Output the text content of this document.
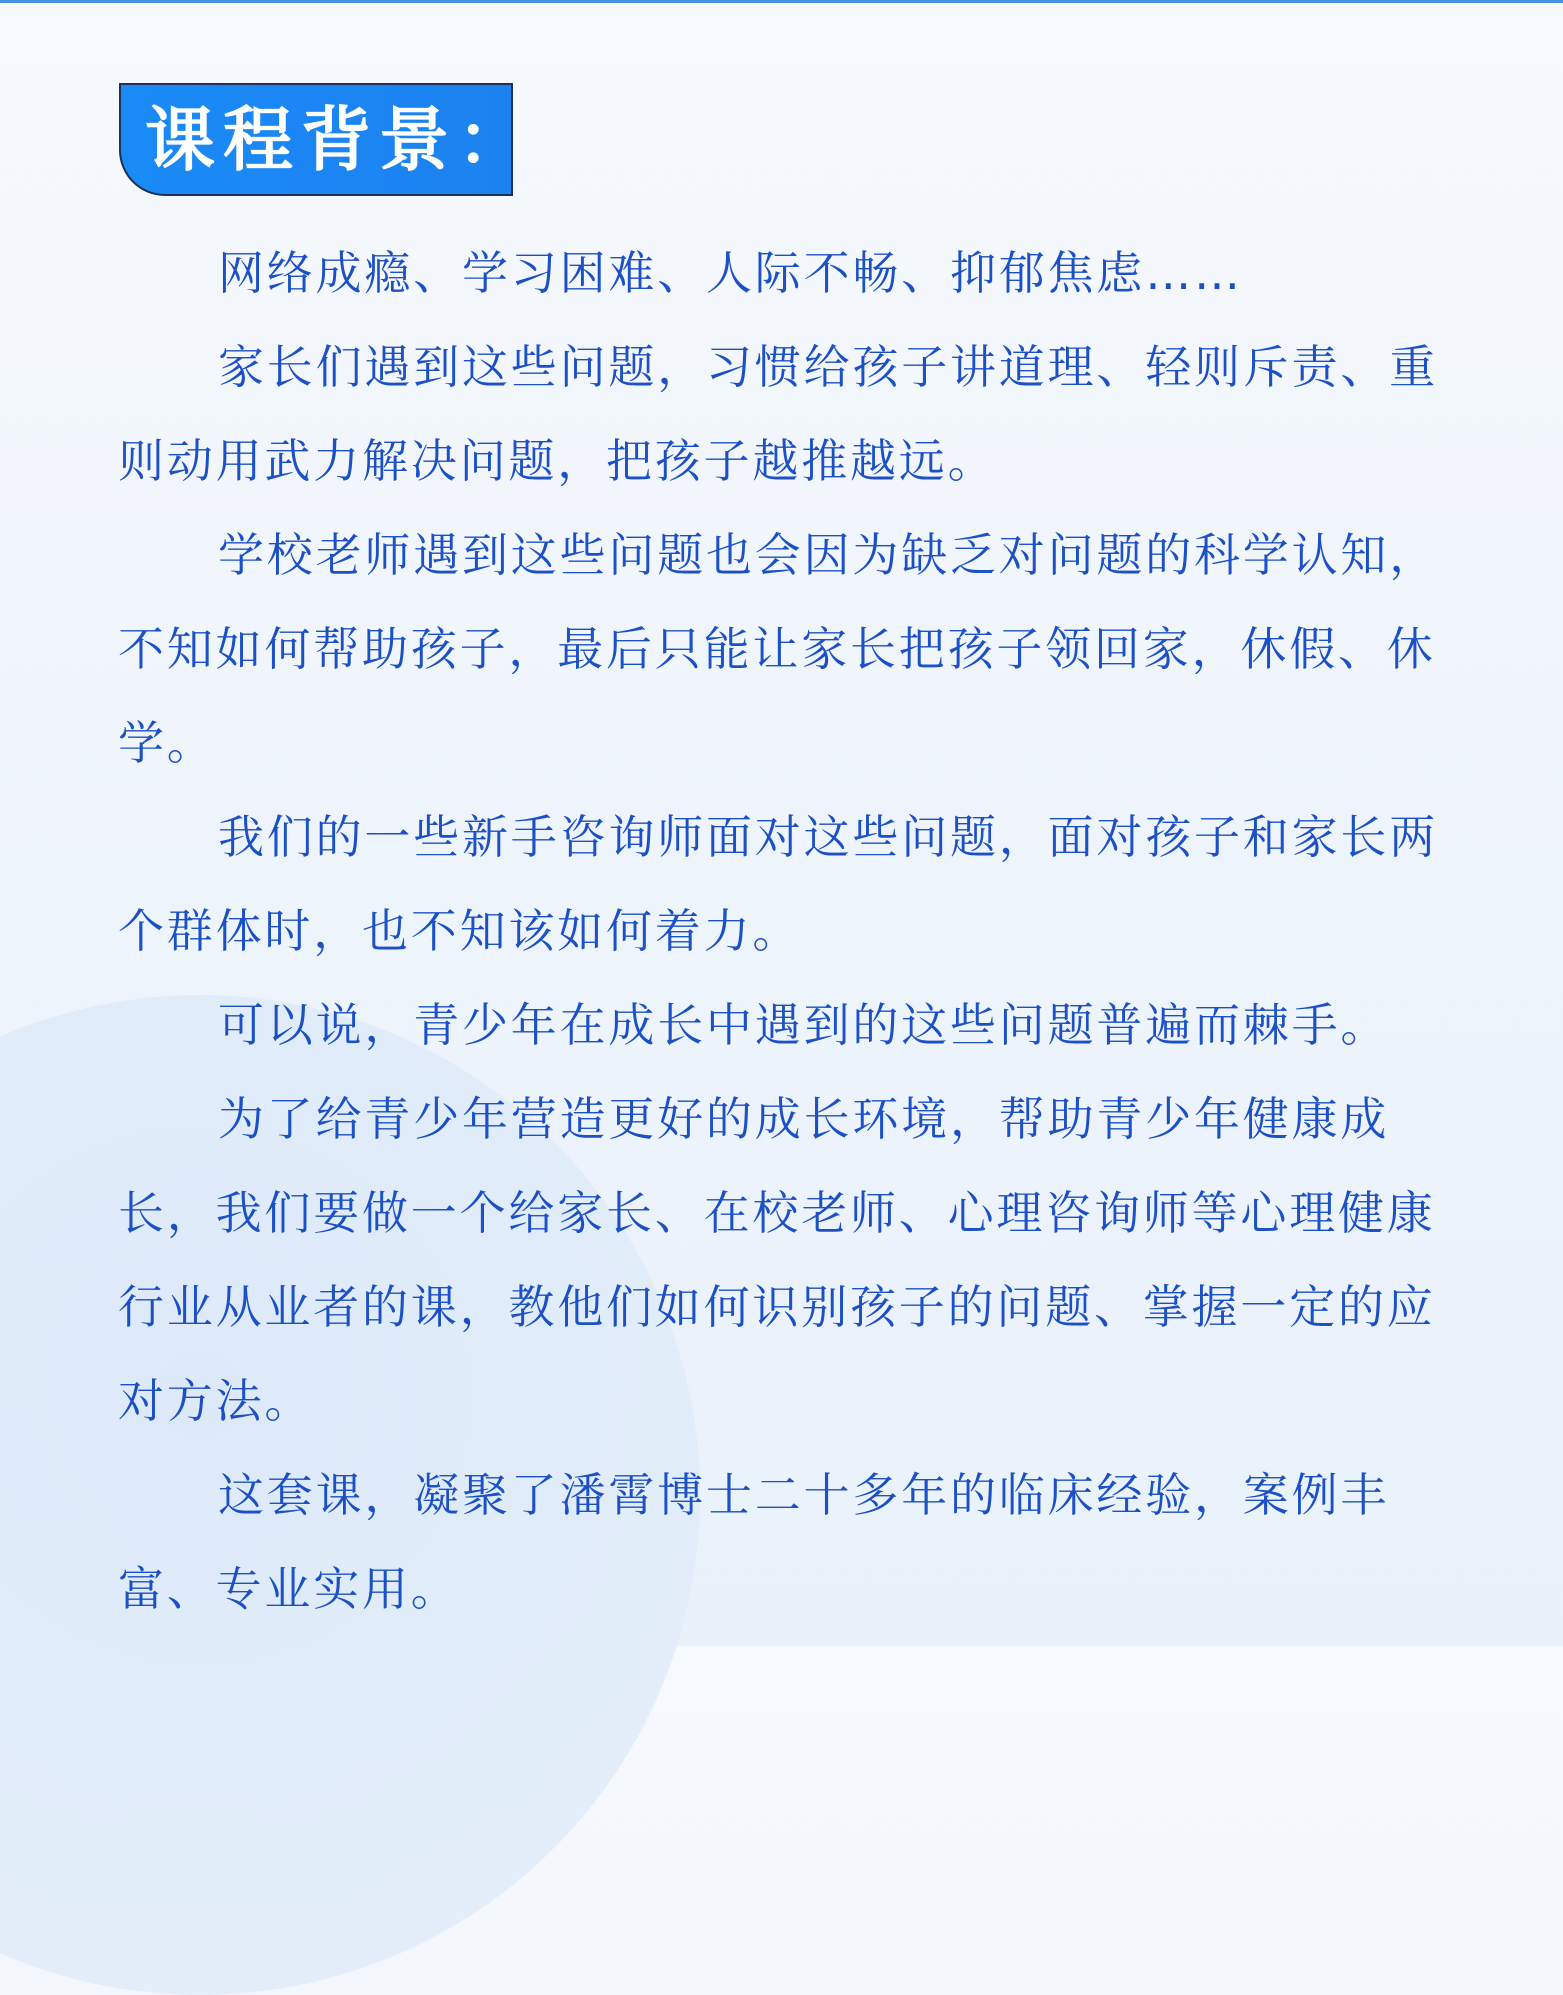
课程背景：

网络成瘾、学习困难、人际不畅、抑郁焦虑……

家长们遇到这些问题，习惯给孩子讲道理、轻则斥责、重则动用武力解决问题，把孩子越推越远。

学校老师遇到这些问题也会因为缺乏对问题的科学认知，不知如何帮助孩子，最后只能让家长把孩子领回家，休假、休学。

我们的一些新手咨询师面对这些问题，面对孩子和家长两个群体时，也不知该如何着力。

可以说，青少年在成长中遇到的这些问题普遍而棘手。

为了给青少年营造更好的成长环境，帮助青少年健康成长，我们要做一个给家长、在校老师、心理咨询师等心理健康行业从业者的课，教他们如何识别孩子的问题、掌握一定的应对方法。

这套课，凝聚了潘霄博士二十多年的临床经验，案例丰富、专业实用。
